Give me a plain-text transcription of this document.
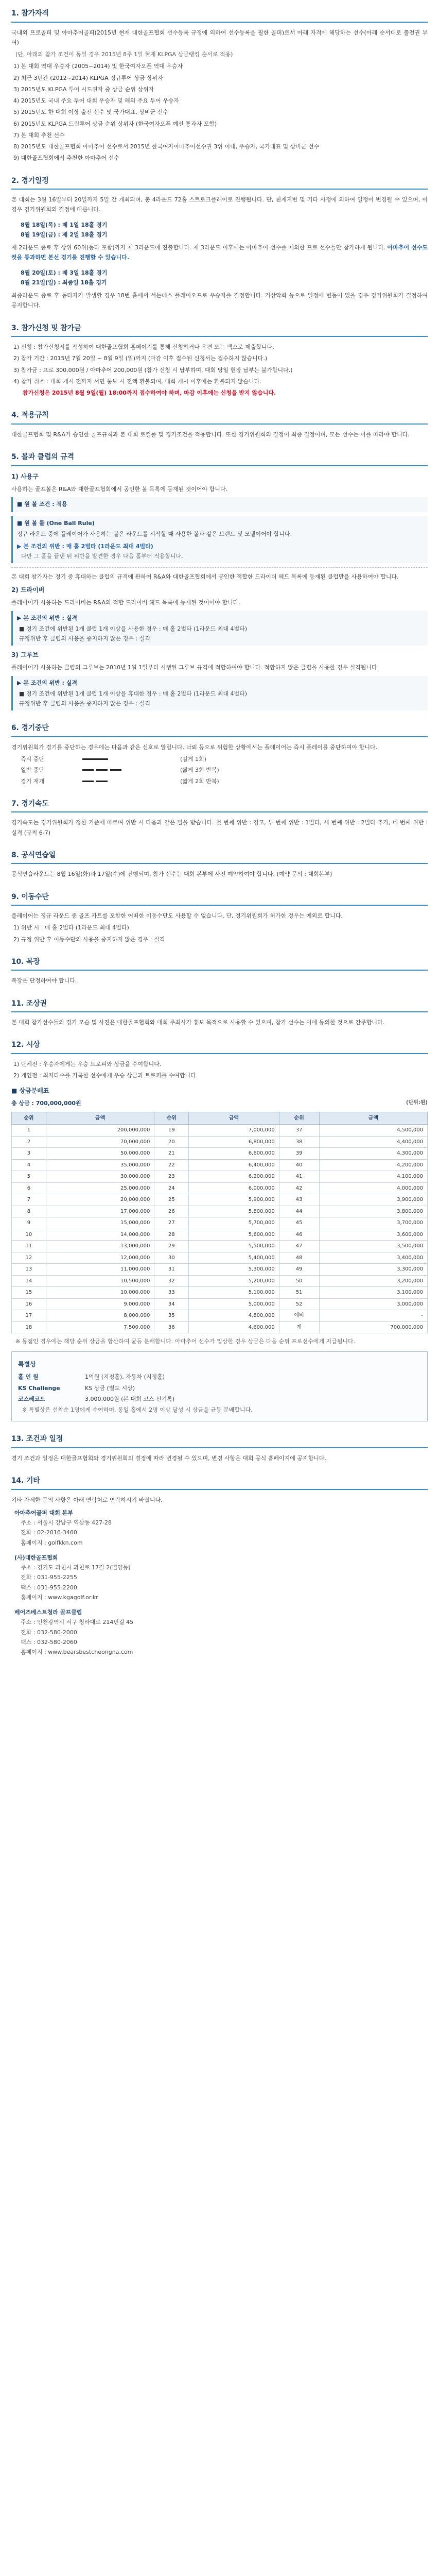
1. 참가자격

국내외 프로골퍼 및 아마추어골퍼(2015년 현재 대한골프협회 선수등록 규정에 의하여 선수등록을 필한 골퍼)로서 아래 자격에 해당하는 선수(아래 순서대로 출전권 부여)

(단, 아래의 참가 조건이 동일 경우 2015년 8주 1일 현재 KLPGA 상금랭킹 순서로 적용)

1) 본 대회 역대 우승자 (2005~2014) 및 한국여자오픈 역대 우승자
2) 최근 3년간 (2012~2014) KLPGA 정규투어 상금 상위자
3) 2015년도 KLPGA 투어 시드권자 중 상금 순위 상위자
4) 2015년도 국내 주요 투어 대회 우승자 및 해외 주요 투어 우승자
5) 2015년도 한 대회 이상 출전 선수 및 국가대표, 상비군 선수
6) 2015년도 KLPGA 드림투어 상금 순위 상위자 (한국여자오픈 예선 통과자 포함)
7) 본 대회 추천 선수
8) 2015년도 대한골프협회 아마추어 선수로서 2015년 한국여자아마추어선수권 3위 이내, 우승자, 국가대표 및 상비군 선수
9) 대한골프협회에서 추천한 아마추어 선수
2. 경기일정

본 대회는 3월 16일부터 20일까지 5일 간 개최되며, 총 4라운드 72홀 스트로크플레이로 진행됩니다. 단, 천재지변 및 기타 사정에 의하여 일정이 변경될 수 있으며, 이 경우 경기위원회의 결정에 따릅니다.

8월 18일(목) : 제 1일 18홀 경기
8월 19일(금) : 제 2일 18홀 경기

제 2라운드 종료 후 상위 60위(동타 포함)까지 제 3라운드에 진출합니다. 제 3라운드 이후에는 아마추어 선수를 제외한 프로 선수들만 참가하게 됩니다. 아마추어 선수도 컷을 통과하면 본선 경기를 진행할 수 있습니다.

8월 20일(토) : 제 3일 18홀 경기
8월 21일(일) : 최종일 18홀 경기

최종라운드 종료 후 동타자가 발생할 경우 18번 홀에서 서든데스 플레이오프로 우승자를 결정합니다. 기상악화 등으로 일정에 변동이 있을 경우 경기위원회가 결정하여 공지합니다.

3. 참가신청 및 참가금
1) 신청 : 참가신청서를 작성하여 대한골프협회 홈페이지를 통해 신청하거나 우편 또는 팩스로 제출합니다.
2) 참가 기간 : 2015년 7월 20일 ~ 8월 9일 (일)까지 (마감 이후 접수된 신청서는 접수하지 않습니다.)
3) 참가금 : 프로 300,000원 / 아마추어 200,000원 (참가 신청 시 납부하며, 대회 당일 현장 납부는 불가합니다.)
4) 참가 취소 : 대회 개시 전까지 서면 통보 시 전액 환불되며, 대회 개시 이후에는 환불되지 않습니다.

참가신청은 2015년 8월 9일(월) 18:00까지 접수하여야 하며, 마감 이후에는 신청을 받지 않습니다.

4. 적용규칙

대한골프협회 및 R&A가 승인한 골프규칙과 본 대회 로컬룰 및 경기조건을 적용합니다. 또한 경기위원회의 결정이 최종 결정이며, 모든 선수는 이를 따라야 합니다.

5. 볼과 클럽의 규격
1) 사용구

사용하는 골프볼은 R&A와 대한골프협회에서 공인한 볼 목록에 등재된 것이어야 합니다.

■ 원 볼 조건 : 적용
■ 원 볼 룰 (One Ball Rule)

정규 라운드 중에 플레이어가 사용하는 볼은 라운드를 시작할 때 사용한 볼과 같은 브랜드 및 모델이어야 합니다.

▶ 본 조건의 위반 : 매 홀 2벌타 (1라운드 최대 4벌타)
다만 그 홀을 끝낸 뒤 위반을 발견한 경우 다음 홀부터 적용합니다.

본 대회 참가자는 경기 중 휴대하는 클럽의 규격에 관하여 R&A와 대한골프협회에서 공인한 적합한 드라이버 헤드 목록에 등재된 클럽만을 사용하여야 합니다.

2) 드라이버

플레이어가 사용하는 드라이버는 R&A의 적합 드라이버 헤드 목록에 등재된 것이어야 합니다.

▶ 본 조건의 위반 : 실격
■ 경기 조건에 위반된 1개 클럽 1개 이상을 사용한 경우 : 매 홀 2벌타 (1라운드 최대 4벌타)
규정위반 후 클럽의 사용을 중지하지 않은 경우 : 실격
3) 그루브

플레이어가 사용하는 클럽의 그루브는 2010년 1월 1일부터 시행된 그루브 규격에 적합하여야 합니다. 적합하지 않은 클럽을 사용한 경우 실격됩니다.

▶ 본 조건의 위반 : 실격
■ 경기 조건에 위반된 1개 클럽 1개 이상을 휴대한 경우 : 매 홀 2벌타 (1라운드 최대 4벌타)
규정위반 후 클럽의 사용을 중지하지 않은 경우 : 실격
6. 경기중단

경기위원회가 경기를 중단하는 경우에는 다음과 같은 신호로 알립니다. 낙뢰 등으로 위험한 상황에서는 플레이어는 즉시 플레이를 중단하여야 합니다.

즉시 중단	(길게 1회)
일반 중단	(짧게 3회 반복)
경기 재개	(짧게 2회 반복)
7. 경기속도

경기속도는 경기위원회가 정한 기준에 따르며 위반 시 다음과 같은 벌을 받습니다. 첫 번째 위반 : 경고, 두 번째 위반 : 1벌타, 세 번째 위반 : 2벌타 추가, 네 번째 위반 : 실격 (규칙 6-7)

8. 공식연습일

공식연습라운드는 8월 16일(화)과 17일(수)에 진행되며, 참가 선수는 대회 본부에 사전 예약하여야 합니다. (예약 문의 : 대회본부)

9. 이동수단

플레이어는 정규 라운드 중 골프 카트를 포함한 어떠한 이동수단도 사용할 수 없습니다. 단, 경기위원회가 허가한 경우는 예외로 합니다.

1) 위반 시 : 매 홀 2벌타 (1라운드 최대 4벌타)
2) 규정 위반 후 이동수단의 사용을 중지하지 않은 경우 : 실격
10. 복장

복장은 단정하여야 합니다.

11. 조상권

본 대회 참가선수들의 경기 모습 및 사진은 대한골프협회와 대회 주최사가 홍보 목적으로 사용할 수 있으며, 참가 선수는 이에 동의한 것으로 간주합니다.

12. 시상
1) 단체전 : 우승자에게는 우승 트로피와 상금을 수여합니다.
2) 개인전 : 최저타수를 기록한 선수에게 우승 상금과 트로피를 수여합니다.
■ 상금분배표
총 상금 : 700,000,000원	(단위:원)
순위	금액	순위	금액	순위	금액
1	200,000,000	19	7,000,000	37	4,500,000
2	70,000,000	20	6,800,000	38	4,400,000
3	50,000,000	21	6,600,000	39	4,300,000
4	35,000,000	22	6,400,000	40	4,200,000
5	30,000,000	23	6,200,000	41	4,100,000
6	25,000,000	24	6,000,000	42	4,000,000
7	20,000,000	25	5,900,000	43	3,900,000
8	17,000,000	26	5,800,000	44	3,800,000
9	15,000,000	27	5,700,000	45	3,700,000
10	14,000,000	28	5,600,000	46	3,600,000
11	13,000,000	29	5,500,000	47	3,500,000
12	12,000,000	30	5,400,000	48	3,400,000
13	11,000,000	31	5,300,000	49	3,300,000
14	10,500,000	32	5,200,000	50	3,200,000
15	10,000,000	33	5,100,000	51	3,100,000
16	9,000,000	34	5,000,000	52	3,000,000
17	8,000,000	35	4,800,000	예비	-
18	7,500,000	36	4,600,000	계	700,000,000

※ 동점인 경우에는 해당 순위 상금을 합산하여 균등 분배합니다. 아마추어 선수가 입상한 경우 상금은 다음 순위 프로선수에게 지급됩니다.

특별상
홀 인 원	1억원 (지정홀), 자동차 (지정홀)
KS Challenge	KS 상금 (별도 시상)
코스레코드	3,000,000원 (본 대회 코스 신기록)

※ 특별상은 선착순 1명에게 수여하며, 동일 홀에서 2명 이상 달성 시 상금을 균등 분배합니다.

13. 조건과 일정

경기 조건과 일정은 대한골프협회와 경기위원회의 결정에 따라 변경될 수 있으며, 변경 사항은 대회 공식 홈페이지에 공지합니다.

14. 기타

기타 자세한 문의 사항은 아래 연락처로 연락하시기 바랍니다.

아마추어골퍼 대회 본부
주소 : 서울시 강남구 역삼동 427-28
전화 : 02-2016-3460
홈페이지 : golfkkn.com
(사)대한골프협회
주소 : 경기도 과천시 과천로 17길 2(별양동)
전화 : 031-955-2255
팩스 : 031-955-2200
홈페이지 : www.kgagolf.or.kr
베어즈베스트청라 골프클럽
주소 : 인천광역시 서구 청라대로 214번길 45
전화 : 032-580-2000
팩스 : 032-580-2060
홈페이지 : www.bearsbestcheongna.com
